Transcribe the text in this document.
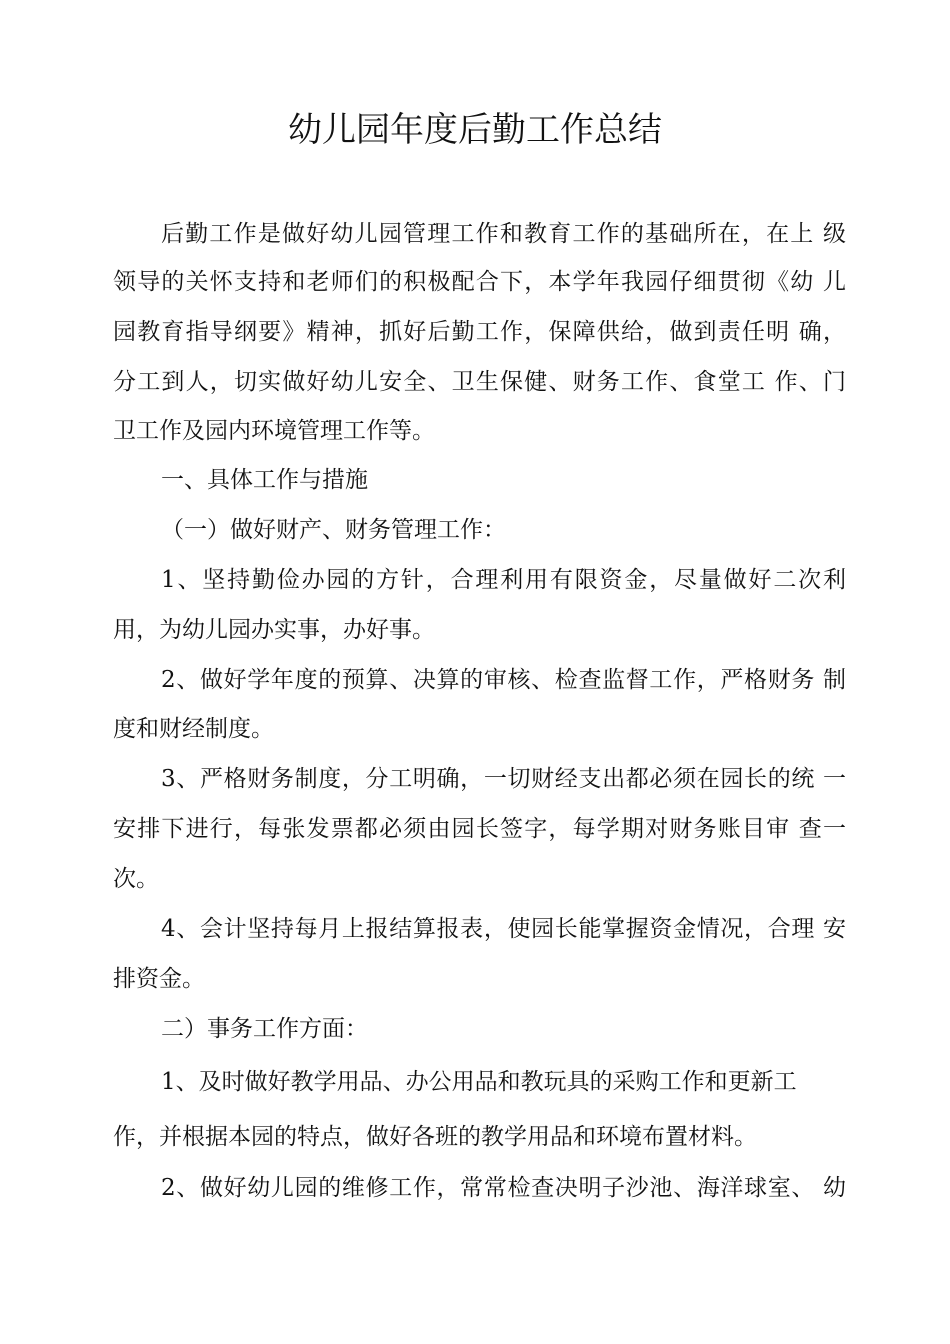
幼儿园年度后勤工作总结
后勤工作是做好幼儿园管理工作和教育工作的基础所在，在上 级
领导的关怀支持和老师们的积极配合下，本学年我园仔细贯彻《幼 儿
园教育指导纲要》精神，抓好后勤工作，保障供给，做到责任明 确，
分工到人，切实做好幼儿安全、卫生保健、财务工作、食堂工 作、门
卫工作及园内环境管理工作等。
一、具体工作与措施
（一）做好财产、财务管理工作：
1、坚持勤俭办园的方针，合理利用有限资金，尽量做好二次利
用，为幼儿园办实事，办好事。
2、做好学年度的预算、决算的审核、检查监督工作，严格财务 制
度和财经制度。
3、严格财务制度，分工明确，一切财经支出都必须在园长的统 一
安排下进行，每张发票都必须由园长签字，每学期对财务账目审 查一
次。
4、会计坚持每月上报结算报表，使园长能掌握资金情况，合理 安
排资金。
二）事务工作方面：
1、及时做好教学用品、办公用品和教玩具的采购工作和更新工
作，并根据本园的特点，做好各班的教学用品和环境布置材料。
2、做好幼儿园的维修工作，常常检查决明子沙池、海洋球室、 幼
